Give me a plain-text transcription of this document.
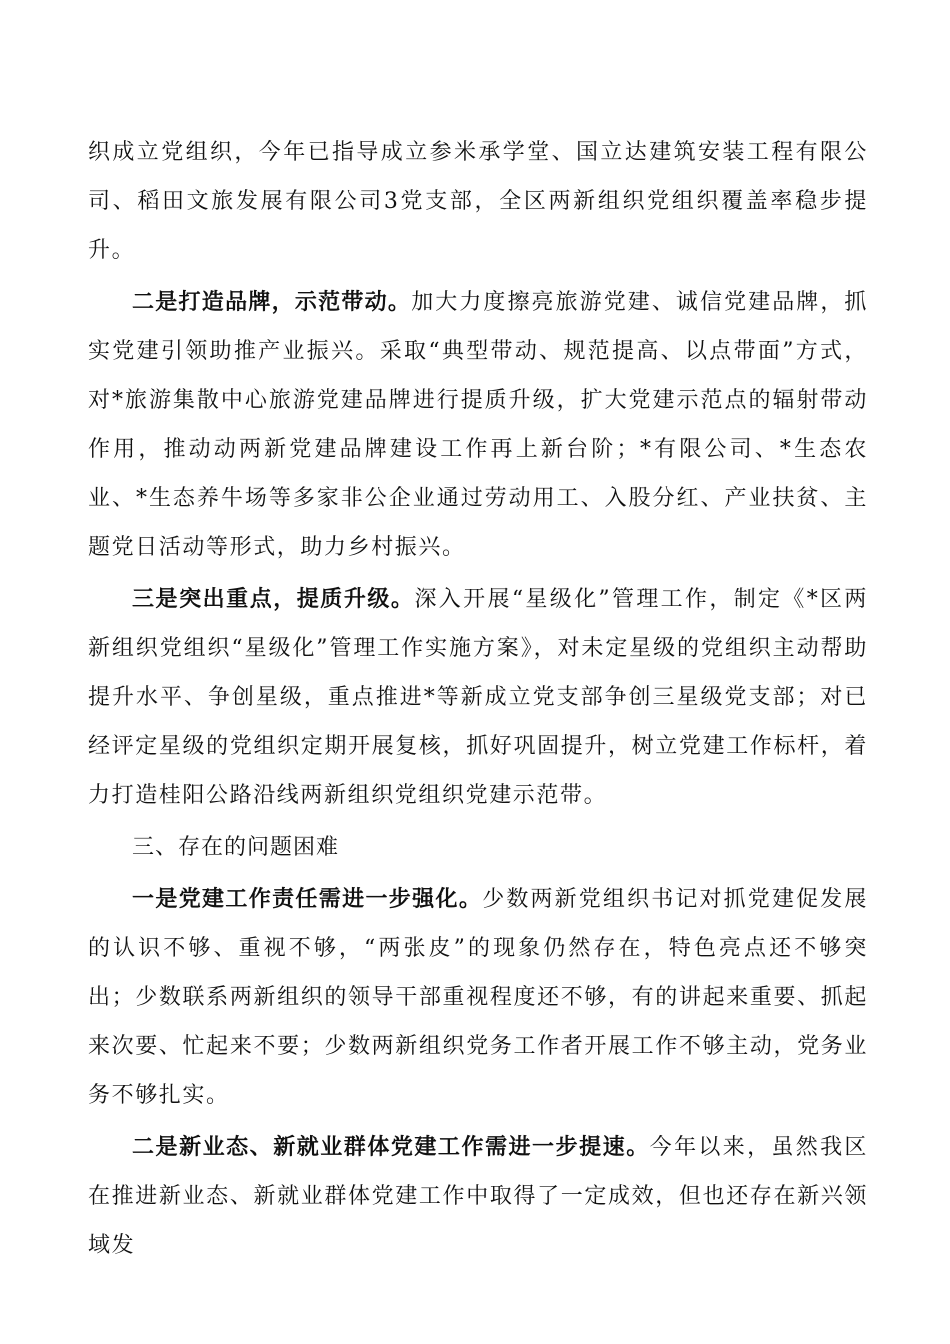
织成立党组织，今年已指导成立参米承学堂、国立达建筑安装工程有限公司、稻田文旅发展有限公司3党支部，全区两新组织党组织覆盖率稳步提升。

二是打造品牌，示范带动。加大力度擦亮旅游党建、诚信党建品牌，抓实党建引领助推产业振兴。采取“典型带动、规范提高、以点带面”方式，对*旅游集散中心旅游党建品牌进行提质升级，扩大党建示范点的辐射带动作用，推动动两新党建品牌建设工作再上新台阶；*有限公司、*生态农业、*生态养牛场等多家非公企业通过劳动用工、入股分红、产业扶贫、主题党日活动等形式，助力乡村振兴。

三是突出重点，提质升级。深入开展“星级化”管理工作，制定《*区两新组织党组织“星级化”管理工作实施方案》，对未定星级的党组织主动帮助提升水平、争创星级，重点推进*等新成立党支部争创三星级党支部；对已经评定星级的党组织定期开展复核，抓好巩固提升，树立党建工作标杆，着力打造桂阳公路沿线两新组织党组织党建示范带。

三、存在的问题困难

一是党建工作责任需进一步强化。少数两新党组织书记对抓党建促发展的认识不够、重视不够，“两张皮”的现象仍然存在，特色亮点还不够突出；少数联系两新组织的领导干部重视程度还不够，有的讲起来重要、抓起来次要、忙起来不要；少数两新组织党务工作者开展工作不够主动，党务业务不够扎实。

二是新业态、新就业群体党建工作需进一步提速。今年以来，虽然我区在推进新业态、新就业群体党建工作中取得了一定成效，但也还存在新兴领域发
